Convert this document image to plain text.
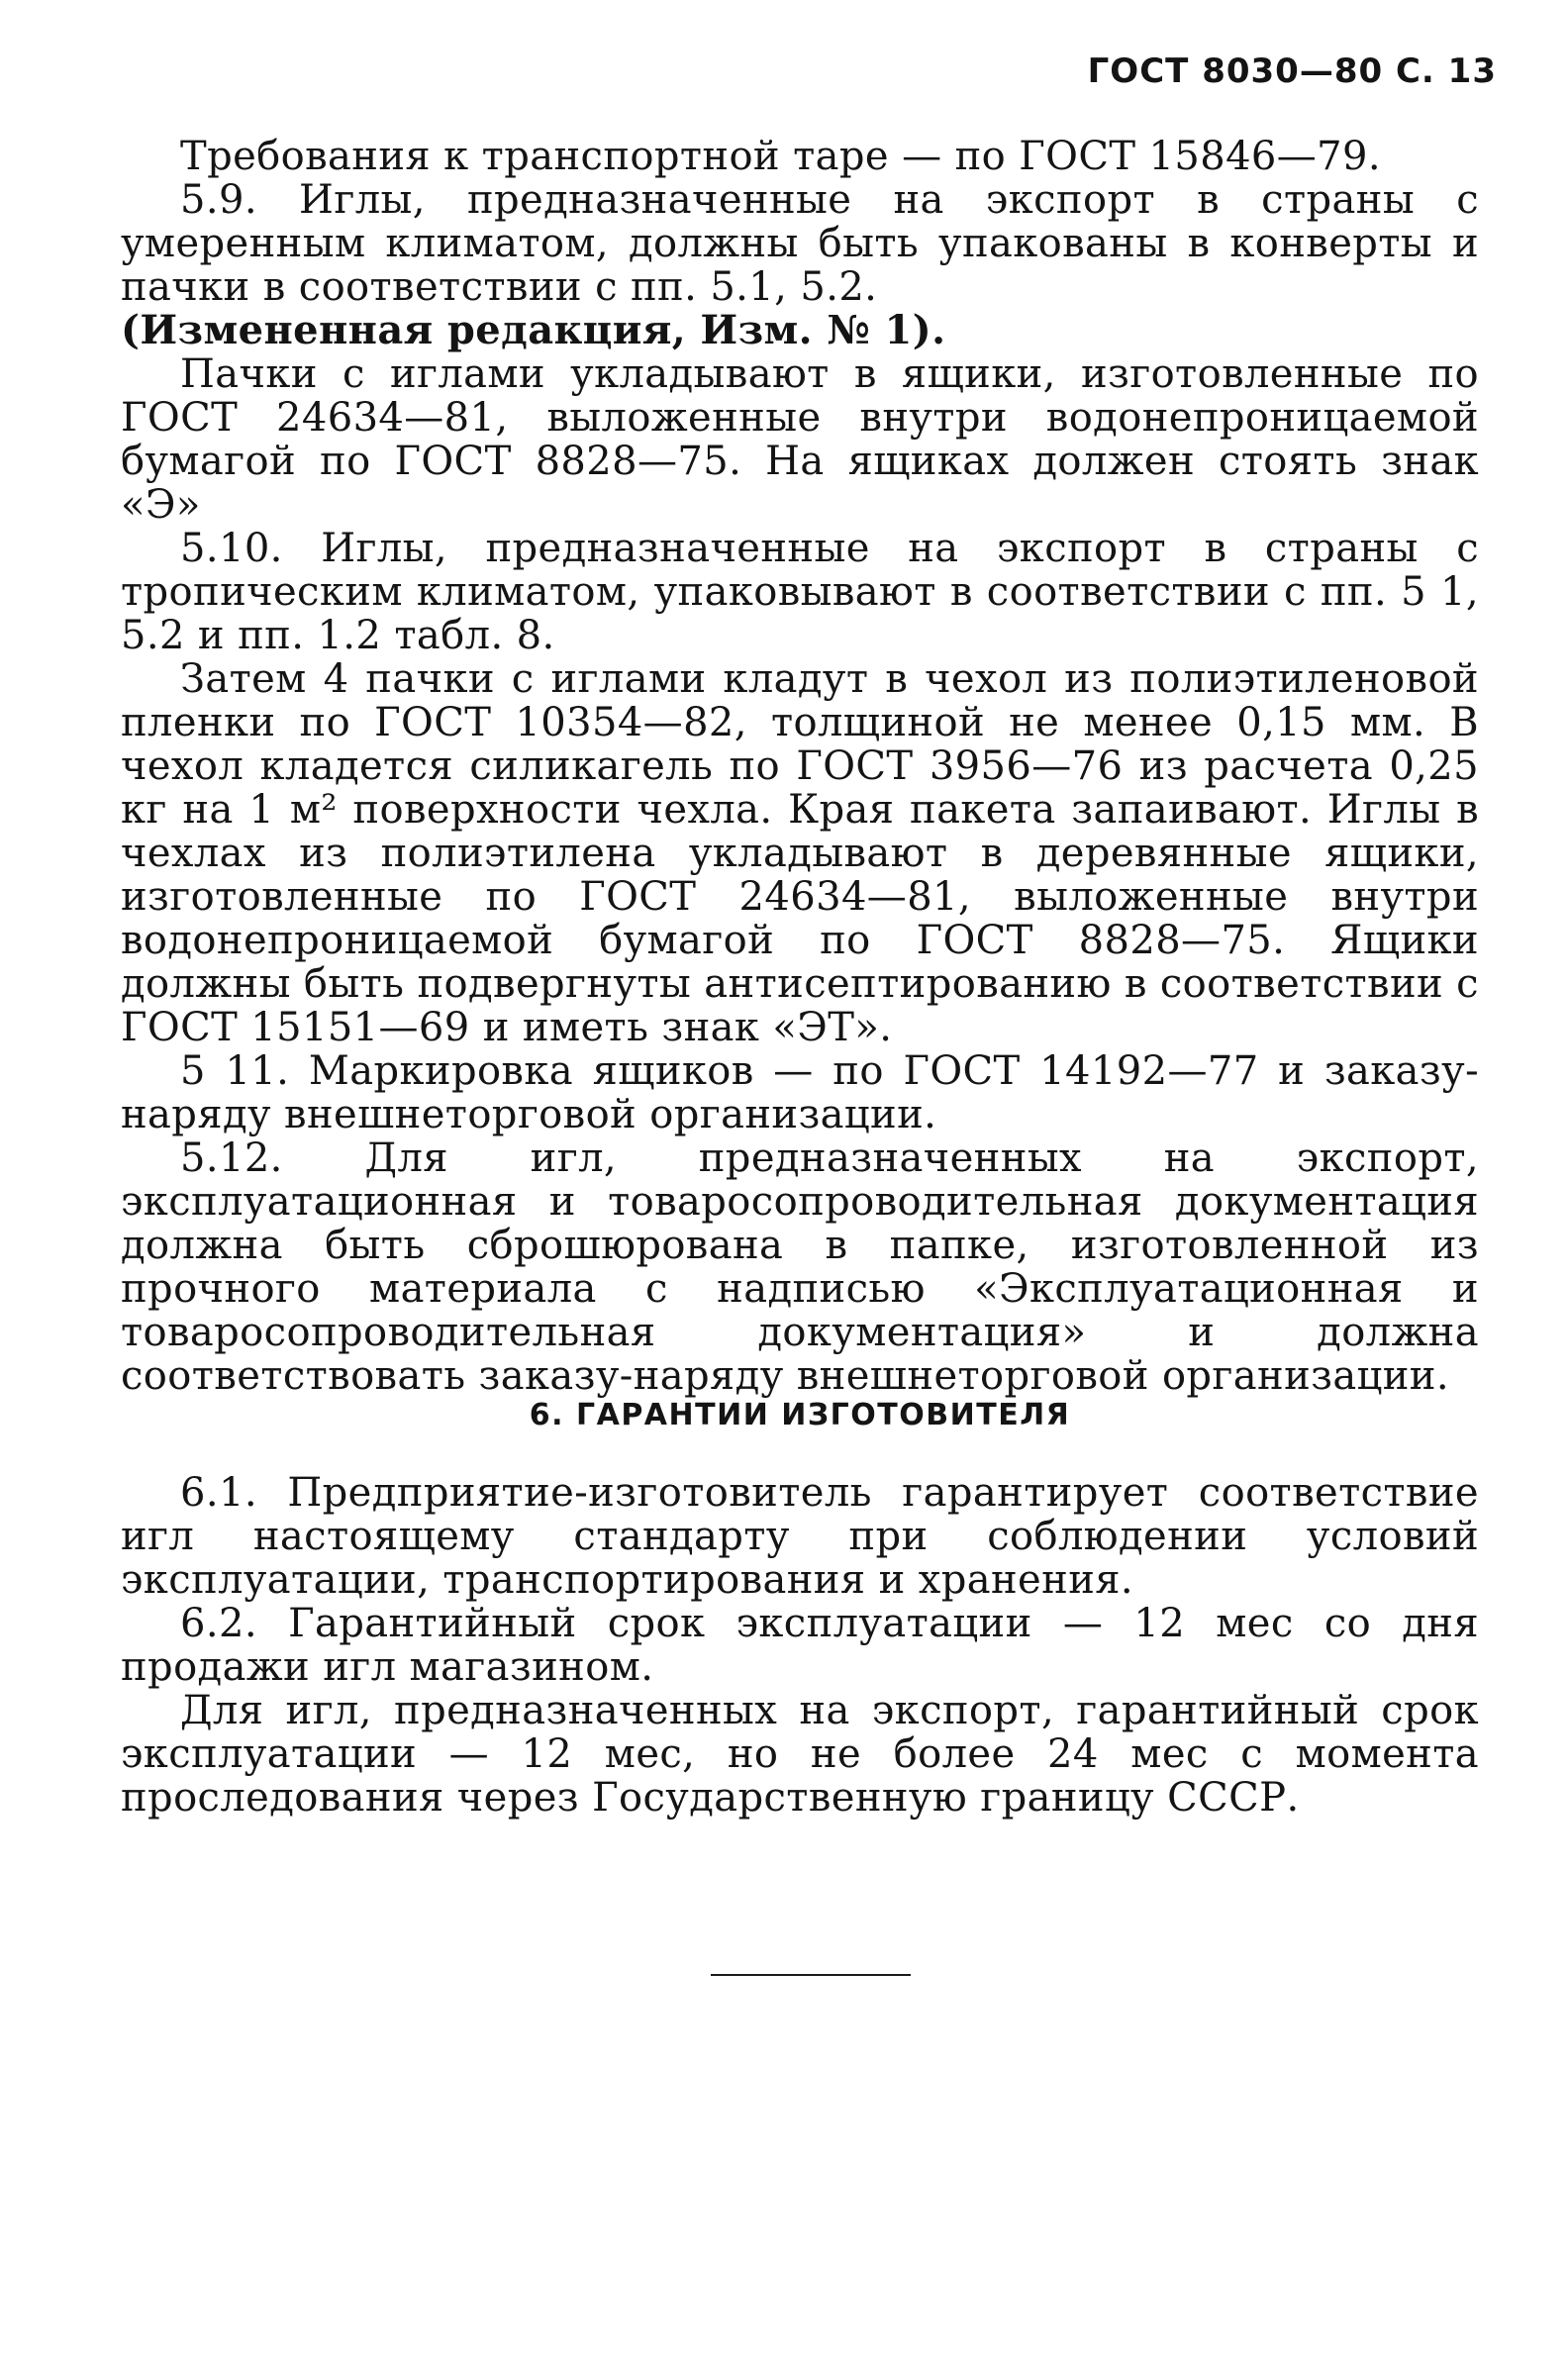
ГОСТ 8030—80 С. 13

Требования к транспортной таре — по ГОСТ 15846—79.

5.9. Иглы, предназначенные на экспорт в страны с умеренным климатом, должны быть упакованы в конверты и пачки в соответствии с пп. 5.1, 5.2.

(Измененная редакция, Изм. № 1).

Пачки с иглами укладывают в ящики, изготовленные по ГОСТ 24634—81, выложенные внутри водонепроницаемой бумагой по ГОСТ 8828—75. На ящиках должен стоять знак «Э»

5.10. Иглы, предназначенные на экспорт в страны с тропическим климатом, упаковывают в соответствии с пп. 5 1, 5.2 и пп. 1.2 табл. 8.

Затем 4 пачки с иглами кладут в чехол из полиэтиленовой пленки по ГОСТ 10354—82, толщиной не менее 0,15 мм. В чехол кладется силикагель по ГОСТ 3956—76 из расчета 0,25 кг на 1 м² поверхности чехла. Края пакета запаивают. Иглы в чехлах из полиэтилена укладывают в деревянные ящики, изготовленные по ГОСТ 24634—81, выложенные внутри водонепроницаемой бумагой по ГОСТ 8828—75. Ящики должны быть подвергнуты антисептированию в соответствии с ГОСТ 15151—69 и иметь знак «ЭТ».

5 11. Маркировка ящиков — по ГОСТ 14192—77 и заказу-наряду внешнеторговой организации.

5.12. Для игл, предназначенных на экспорт, эксплуатационная и товаросопроводительная документация должна быть сброшюрована в папке, изготовленной из прочного материала с надписью «Эксплуатационная и товаросопроводительная документация» и должна соответствовать заказу-наряду внешнеторговой организации.

6. ГАРАНТИИ ИЗГОТОВИТЕЛЯ

6.1. Предприятие-изготовитель гарантирует соответствие игл настоящему стандарту при соблюдении условий эксплуатации, транспортирования и хранения.

6.2. Гарантийный срок эксплуатации — 12 мес со дня продажи игл магазином.

Для игл, предназначенных на экспорт, гарантийный срок эксплуатации — 12 мес, но не более 24 мес с момента проследования через Государственную границу СССР.
